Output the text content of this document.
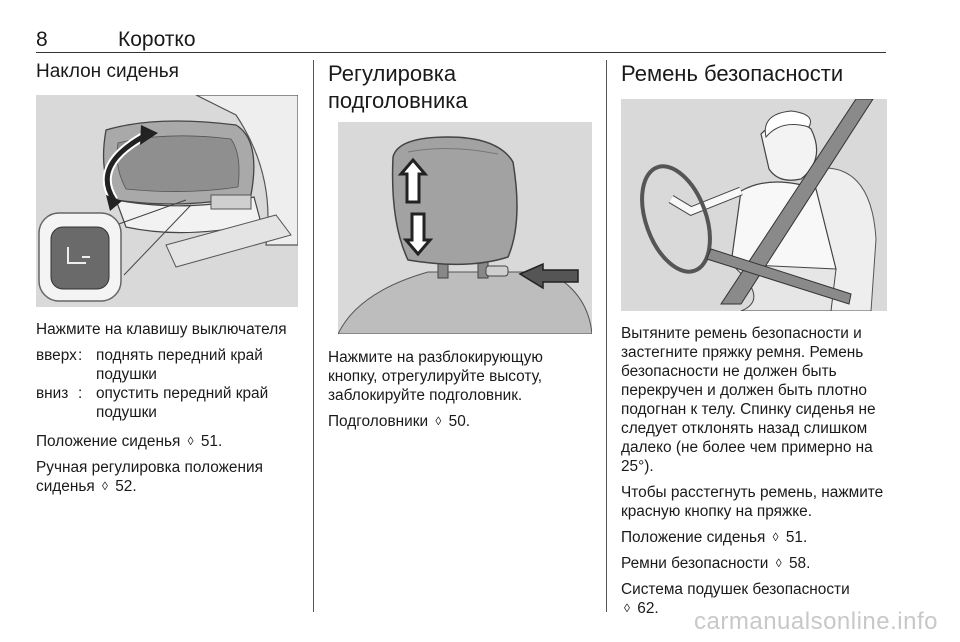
8	Коротко
Наклон сиденья

Нажмите на клавишу выключателя

вверх : поднять передний край подушки
вниз : опустить передний край подушки

Положение сиденья ◊ 51.

Ручная регулировка положения сиденья ◊ 52.

Регулировка подголовника

Нажмите на разблокирующую кнопку, отрегулируйте высоту, заблокируйте подголовник.

Подголовники ◊ 50.

Ремень безопасности

Вытяните ремень безопасности и застегните пряжку ремня. Ремень безопасности не должен быть перекручен и должен быть плотно подогнан к телу. Спинку сиденья не следует отклонять назад слишком далеко (не более чем примерно на 25°).

Чтобы расстегнуть ремень, нажмите красную кнопку на пряжке.

Положение сиденья ◊ 51.

Ремни безопасности ◊ 58.

Система подушек безопасности
◊ 62.	carmanualsonline.info
